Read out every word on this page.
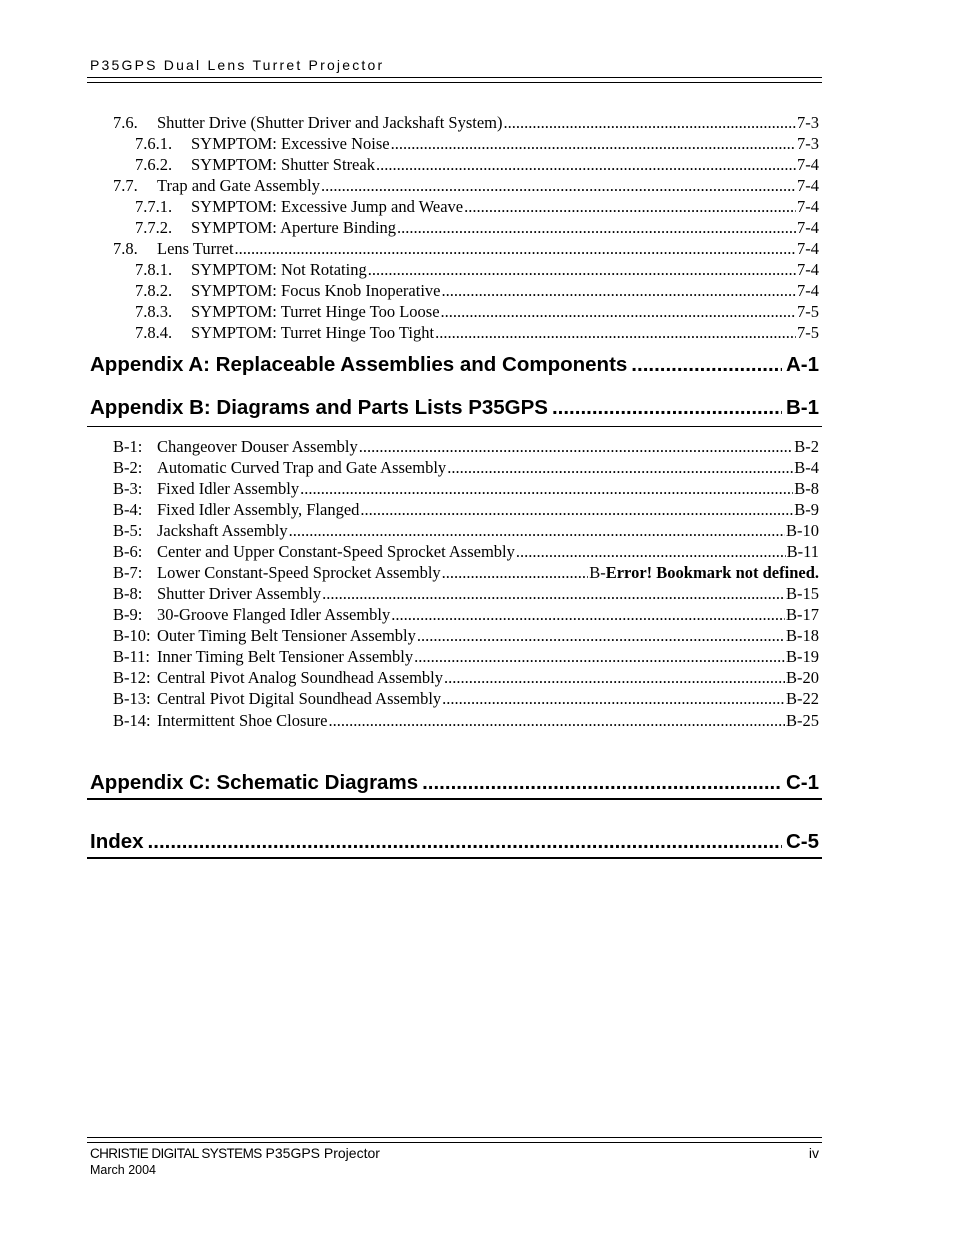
P35GPS Dual Lens Turret Projector
7.6.	Shutter Drive (Shutter Driver and Jackshaft System) .....	7-3
7.6.1.	SYMPTOM: Excessive Noise .....	7-3
7.6.2.	SYMPTOM: Shutter Streak .....	7-4
7.7.	Trap and Gate Assembly .....	7-4
7.7.1.	SYMPTOM: Excessive Jump and Weave .....	7-4
7.7.2.	SYMPTOM: Aperture Binding .....	7-4
7.8.	Lens Turret .....	7-4
7.8.1.	SYMPTOM: Not Rotating .....	7-4
7.8.2.	SYMPTOM: Focus Knob Inoperative .....	7-4
7.8.3.	SYMPTOM: Turret Hinge Too Loose .....	7-5
7.8.4.	SYMPTOM: Turret Hinge Too Tight .....	7-5
Appendix A: Replaceable Assemblies and Components .....	A-1
Appendix B: Diagrams and Parts Lists P35GPS .....	B-1
B-1: Changeover Douser Assembly .....	B-2
B-2: Automatic Curved Trap and Gate Assembly .....	B-4
B-3: Fixed Idler Assembly .....	B-8
B-4: Fixed Idler Assembly, Flanged .....	B-9
B-5: Jackshaft Assembly .....	B-10
B-6: Center and Upper Constant-Speed Sprocket Assembly .....	B-11
B-7: Lower Constant-Speed Sprocket Assembly .....	B-Error! Bookmark not defined.
B-8: Shutter Driver Assembly .....	B-15
B-9: 30-Groove Flanged Idler Assembly .....	B-17
B-10: Outer Timing Belt Tensioner Assembly .....	B-18
B-11: Inner Timing Belt Tensioner Assembly .....	B-19
B-12: Central Pivot Analog Soundhead Assembly .....	B-20
B-13: Central Pivot Digital Soundhead Assembly .....	B-22
B-14: Intermittent Shoe Closure .....	B-25
Appendix C: Schematic Diagrams .....	C-1
Index .....	C-5
CHRISTIE DIGITAL SYSTEMS P35GPS Projector
March 2004
iv
